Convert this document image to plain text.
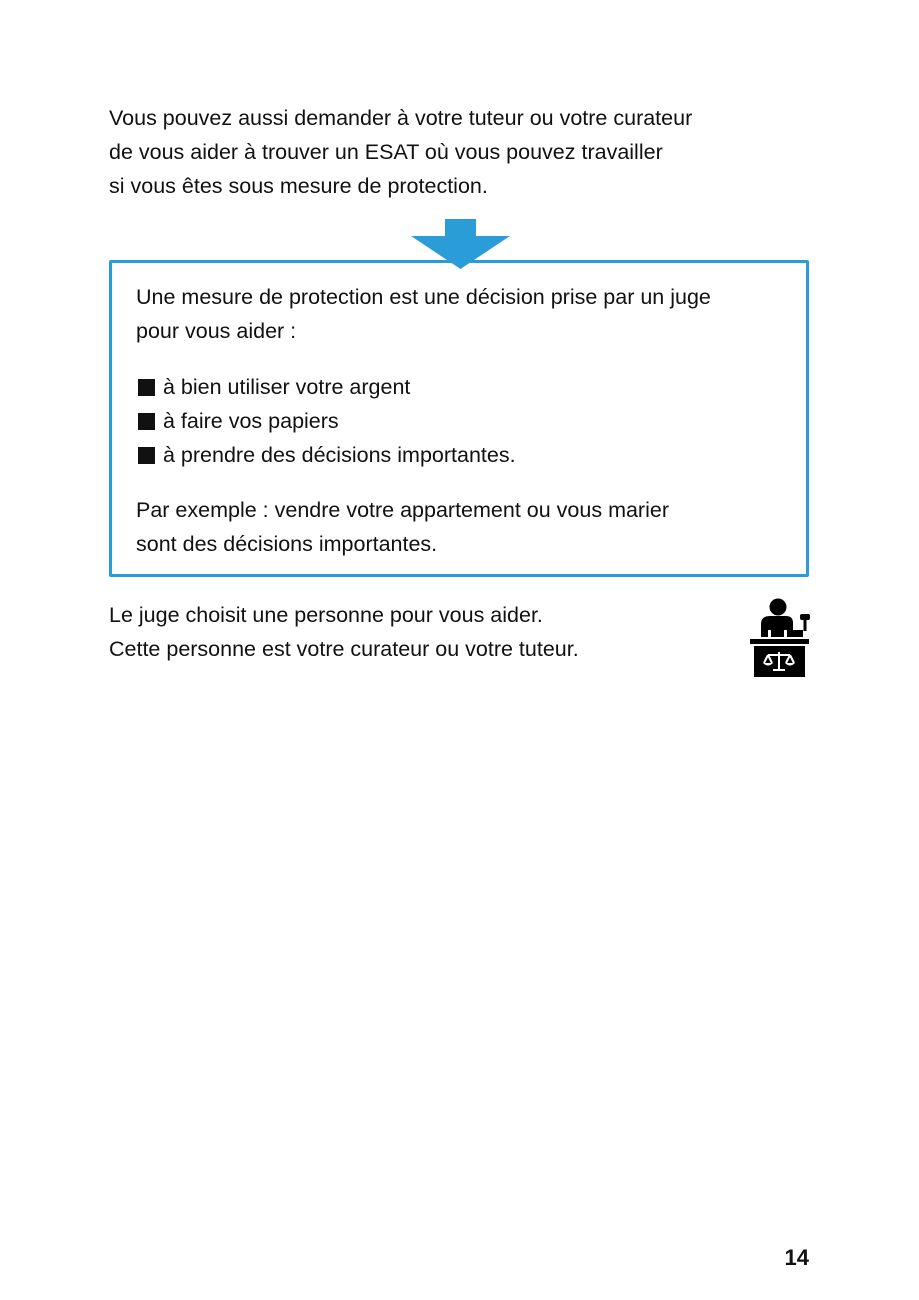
Vous pouvez aussi demander à votre tuteur ou votre curateur
de vous aider à trouver un ESAT où vous pouvez travailler
si vous êtes sous mesure de protection.
Une mesure de protection est une décision prise par un juge
pour vous aider :
à bien utiliser votre argent
à faire vos papiers
à prendre des décisions importantes.
Par exemple : vendre votre appartement ou vous marier
sont des décisions importantes.
Le juge choisit une personne pour vous aider.
Cette personne est votre curateur ou votre tuteur.
14
